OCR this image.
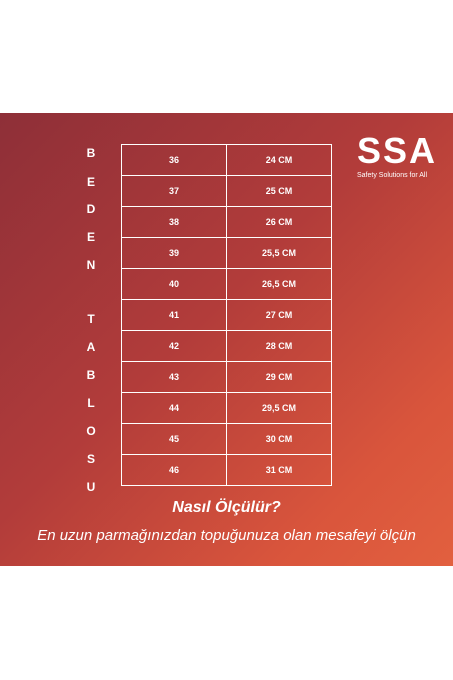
B
E
D
E
N
T
A
B
L
O
S
U
36	24 CM
37	25 CM
38	26 CM
39	25,5 CM
40	26,5 CM
41	27 CM
42	28 CM
43	29 CM
44	29,5 CM
45	30 CM
46	31 CM
SSA
Safety Solutions for All
Nasıl Ölçülür?
En uzun parmağınızdan topuğunuza olan mesafeyi ölçün
